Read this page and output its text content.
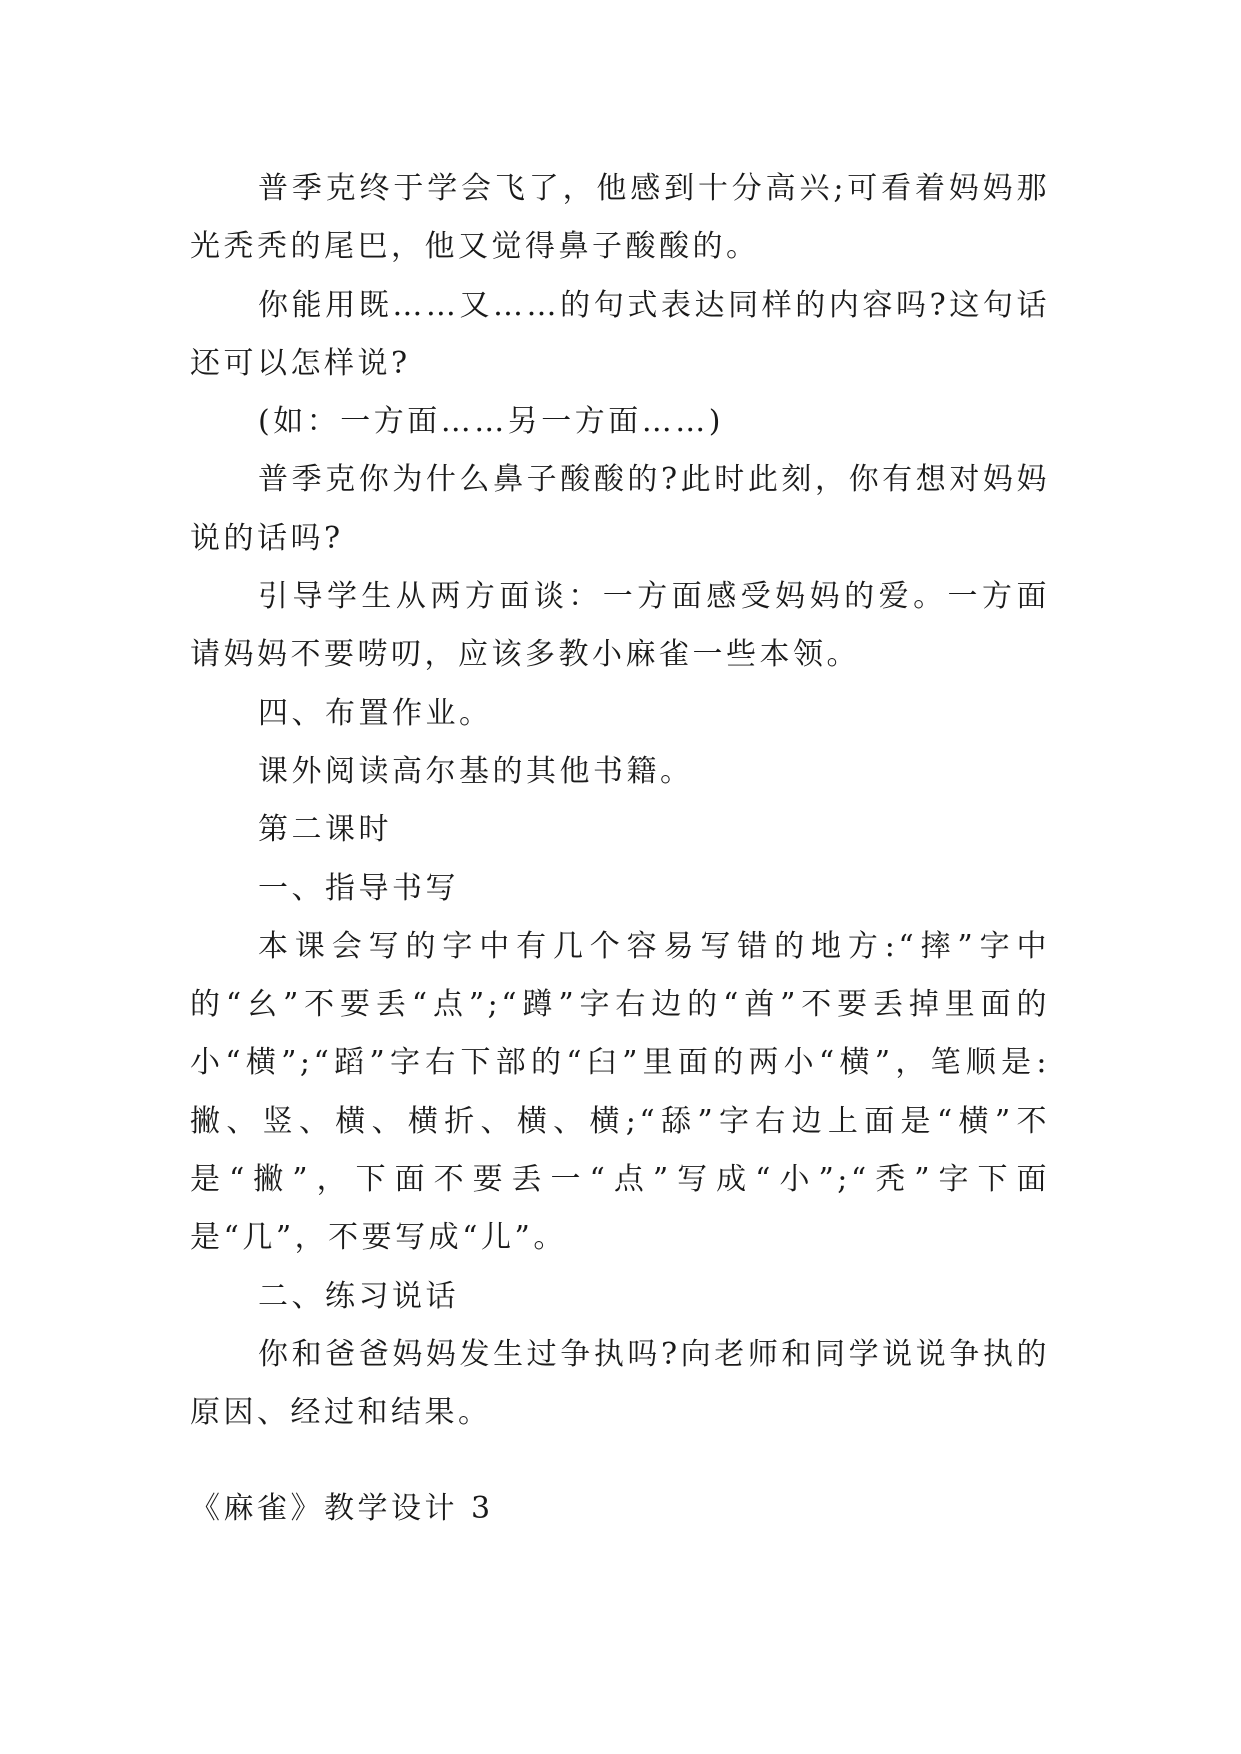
普季克终于学会飞了，他感到十分高兴;可看着妈妈那光秃秃的尾巴，他又觉得鼻子酸酸的。

你能用既……又……的句式表达同样的内容吗?这句话还可以怎样说?

(如：一方面……另一方面……)

普季克你为什么鼻子酸酸的?此时此刻，你有想对妈妈说的话吗?

引导学生从两方面谈：一方面感受妈妈的爱。一方面请妈妈不要唠叨，应该多教小麻雀一些本领。

四、布置作业。

课外阅读高尔基的其他书籍。

第二课时

一、指导书写

本课会写的字中有几个容易写错的地方:“摔”字中的“幺”不要丢“点”;“蹲”字右边的“酋”不要丢掉里面的小“横”;“蹈”字右下部的“臼”里面的两小“横”，笔顺是:撇、竖、横、横折、横、横;“舔”字右边上面是“横”不是“撇”，下面不要丢一“点”写成“小”;“秃”字下面是“几”，不要写成“儿”。

二、练习说话

你和爸爸妈妈发生过争执吗?向老师和同学说说争执的原因、经过和结果。

《麻雀》教学设计 3
